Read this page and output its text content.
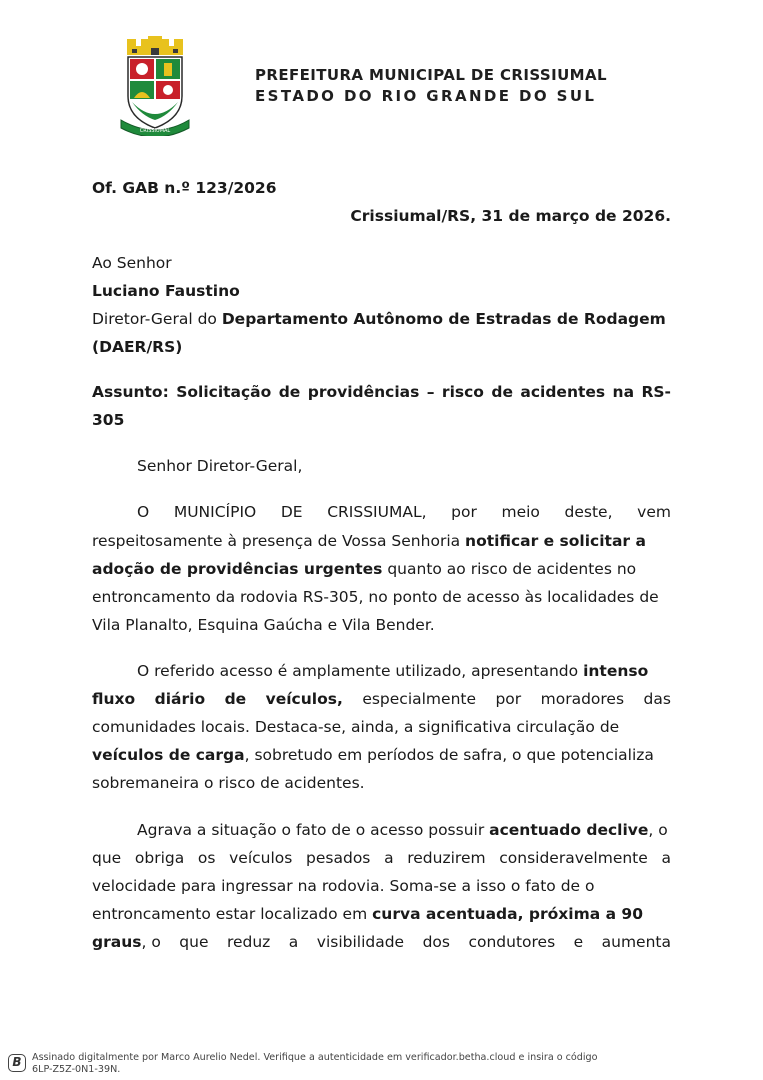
CRISSIUMAL
PREFEITURA MUNICIPAL DE CRISSIUMAL
ESTADO DO RIO GRANDE DO SUL
Of. GAB n.º 123/2026
Crissiumal/RS, 31 de março de 2026.
Ao Senhor
Luciano Faustino
Diretor-Geral do Departamento Autônomo de Estradas de Rodagem
(DAER/RS)
Assunto: Solicitação de providências – risco de acidentes na RS-
305
Senhor Diretor-Geral,
O MUNICÍPIO DE CRISSIUMAL, por meio deste, vem
respeitosamente à presença de Vossa Senhoria notificar e solicitar a
adoção de providências urgentes quanto ao risco de acidentes no
entroncamento da rodovia RS-305, no ponto de acesso às localidades de
Vila Planalto, Esquina Gaúcha e Vila Bender.
O referido acesso é amplamente utilizado, apresentando intenso
fluxo diário de veículos, especialmente por moradores das
comunidades locais. Destaca-se, ainda, a significativa circulação de
veículos de carga, sobretudo em períodos de safra, o que potencializa
sobremaneira o risco de acidentes.
Agrava a situação o fato de o acesso possuir acentuado declive, o
que obriga os veículos pesados a reduzirem consideravelmente a
velocidade para ingressar na rodovia. Soma-se a isso o fato de o
entroncamento estar localizado em curva acentuada, próxima a 90
graus, o que reduz a visibilidade dos condutores e aumenta
B	Assinado digitalmente por Marco Aurelio Nedel. Verifique a autenticidade em verificador.betha.cloud e insira o código
6LP-Z5Z-0N1-39N.
